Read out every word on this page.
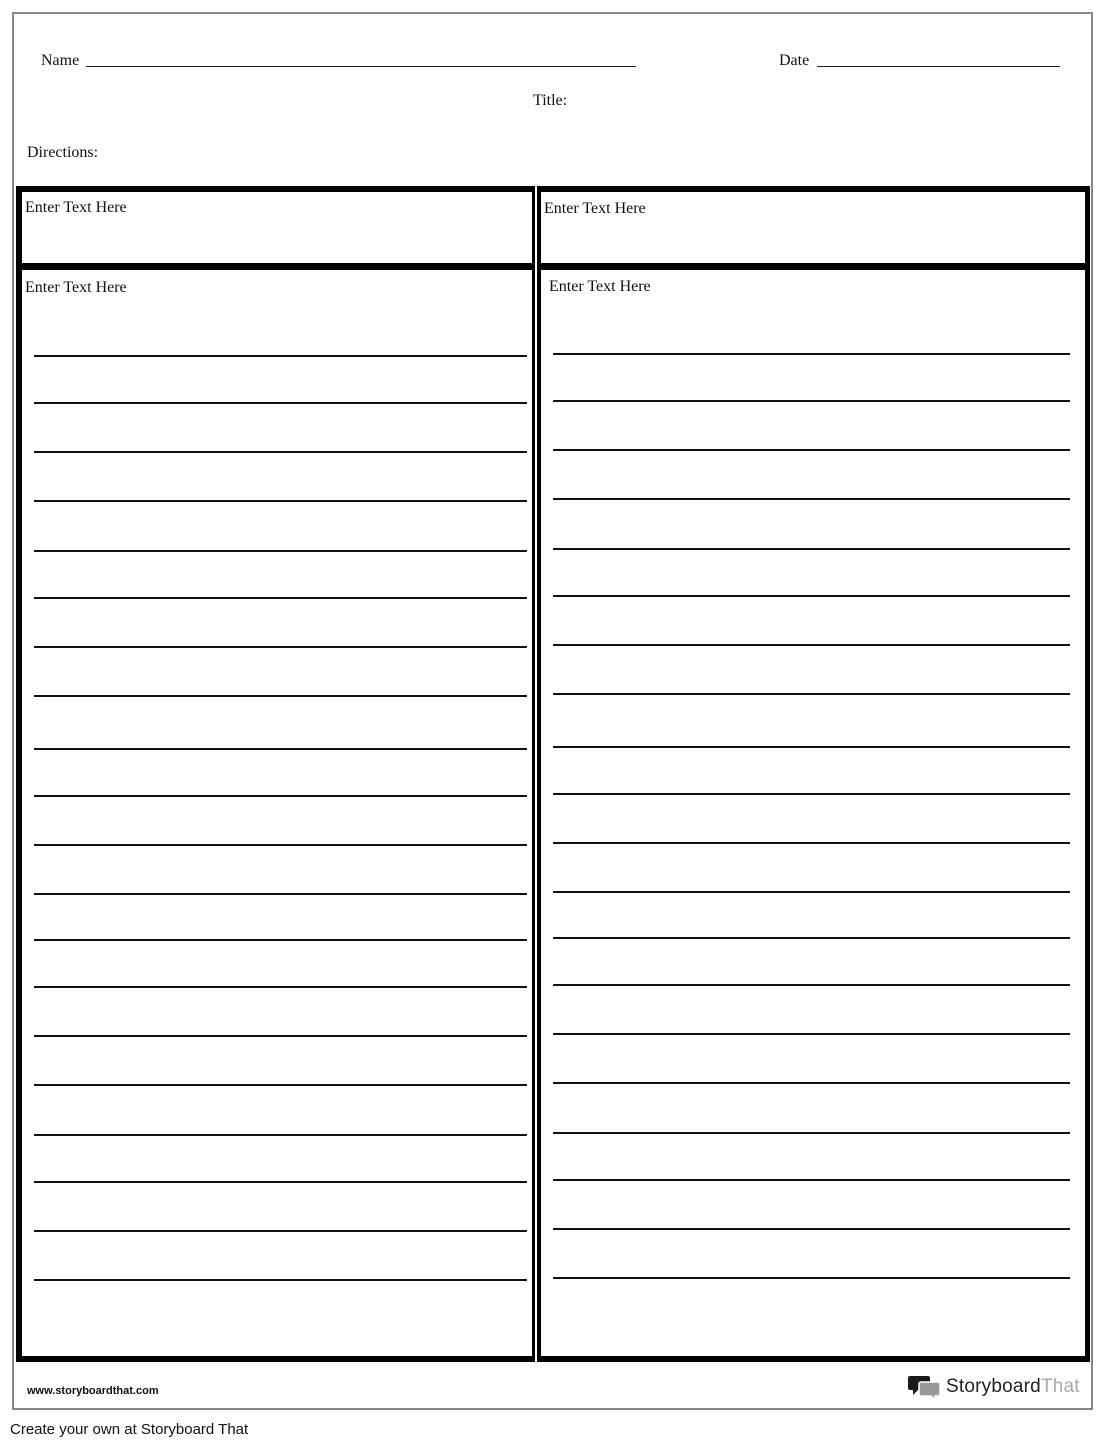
Name	Date
Title:
Directions:
Enter Text Here	Enter Text Here
Enter Text Here	Enter Text Here
www.storyboardthat.com	StoryboardThat
Create your own at Storyboard That
